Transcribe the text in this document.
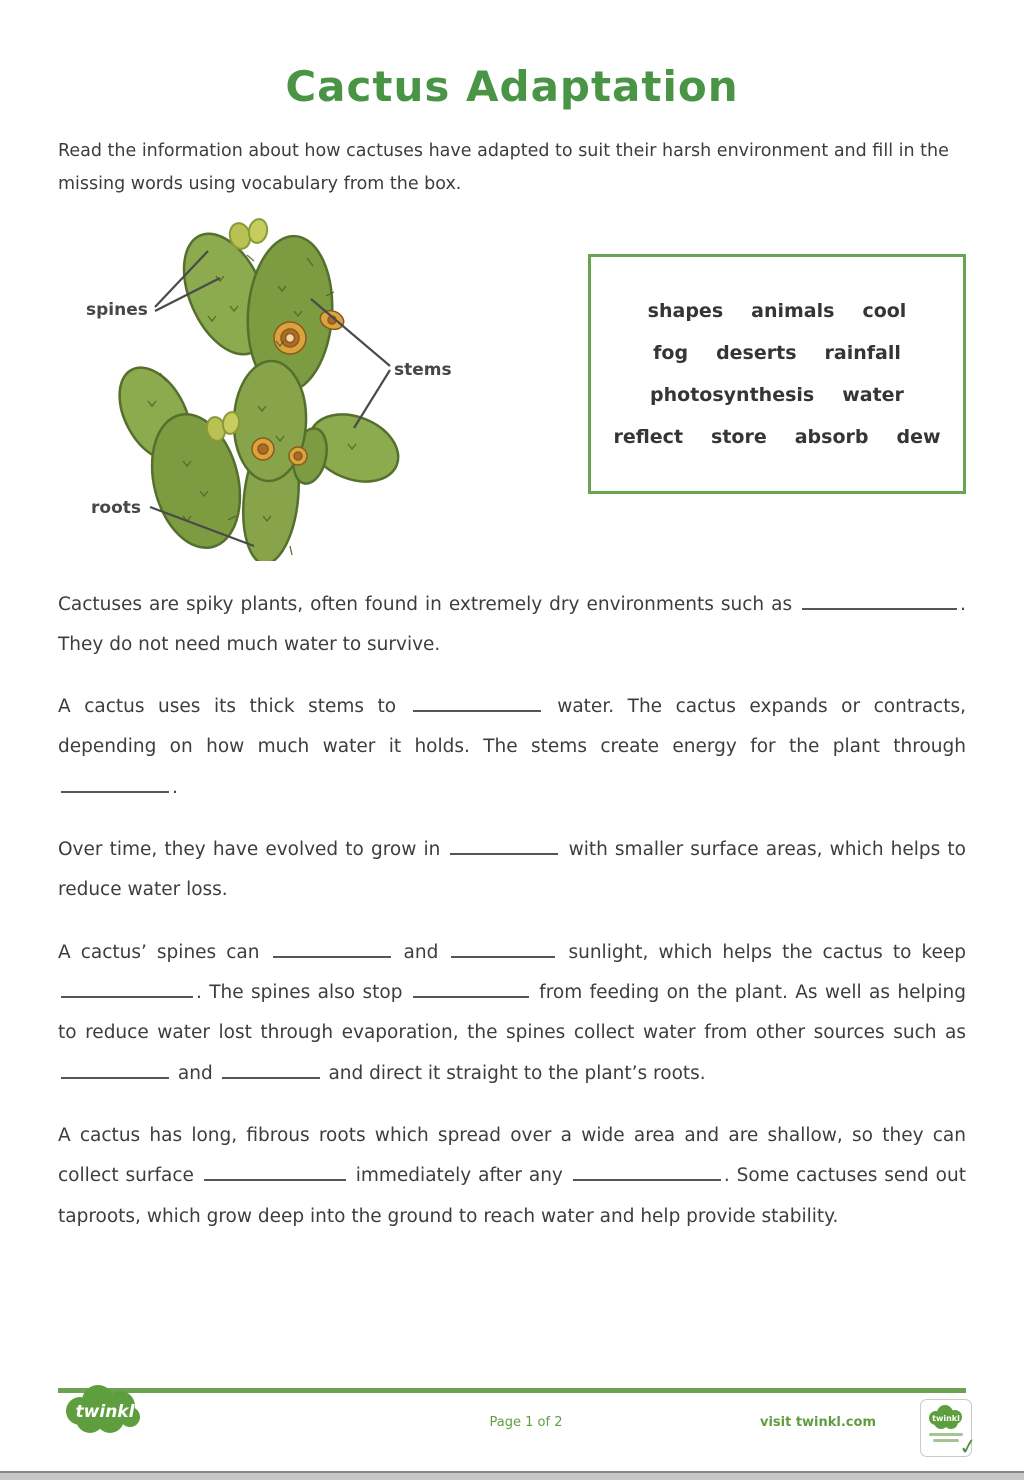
Cactus Adaptation

Read the information about how cactuses have adapted to suit their harsh environment and fill in the missing words using vocabulary from the box.

spines
stems
roots
shapes animals cool
fog deserts rainfall
photosynthesis water
reflect store absorb dew

Cactuses are spiky plants, often found in extremely dry environments such as	. They do not need much water to survive.

A cactus uses its thick stems to	water. The cactus expands or contracts, depending on how much water it holds. The stems create energy for the plant through .

Over time, they have evolved to grow in	with smaller surface areas, which helps to reduce water loss.

A cactus’ spines can	and	sunlight, which helps the cactus to keep . The spines also stop	from feeding on the plant. As well as helping to reduce water lost through evaporation, the spines collect water from other sources such as  and	and direct it straight to the plant’s roots.

A cactus has long, fibrous roots which spread over a wide area and are shallow, so they can collect surface	immediately after any	. Some cactuses send out taproots, which grow deep into the ground to reach water and help provide stability.

twinkl
Page 1 of 2	visit twinkl.com	twinkl
✓
